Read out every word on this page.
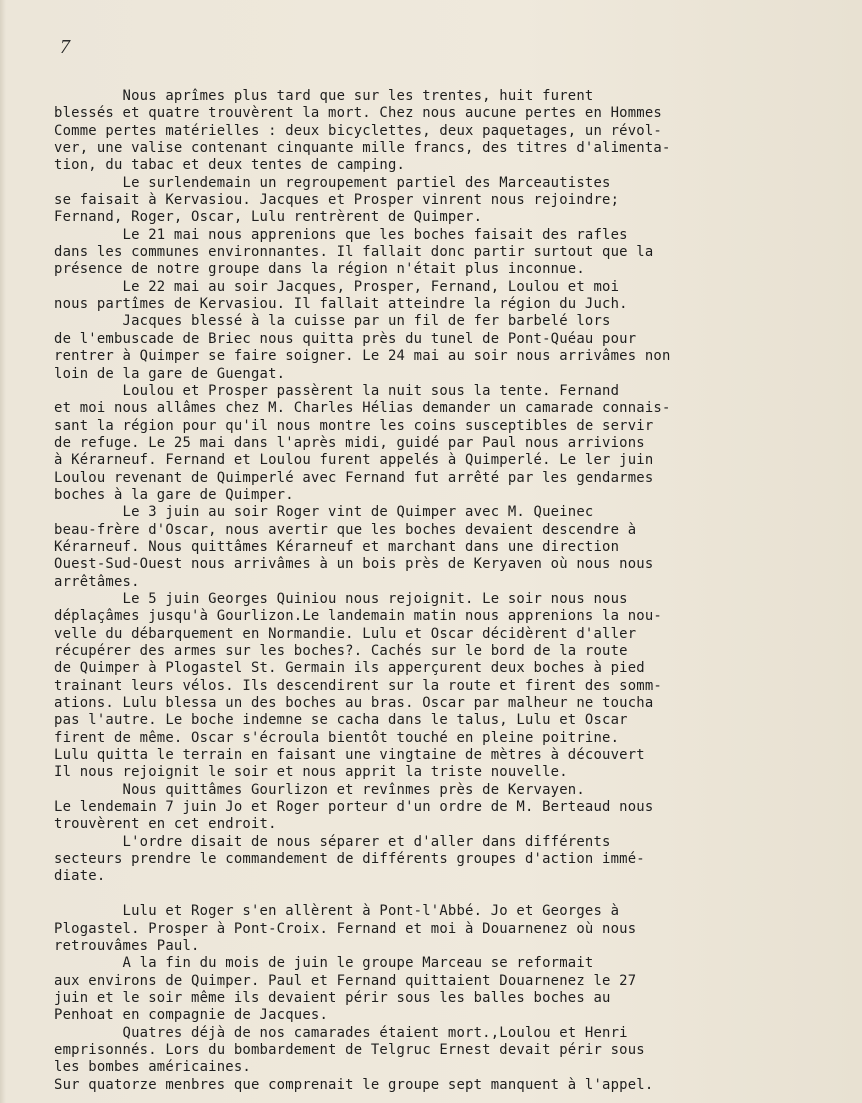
7
Nous aprîmes plus tard que sur les trentes, huit furent
blessés et quatre trouvèrent la mort. Chez nous aucune pertes en Hommes
Comme pertes matérielles : deux bicyclettes, deux paquetages, un révol-
ver, une valise contenant cinquante mille francs, des titres d'alimenta-
tion, du tabac et deux tentes de camping.
Le surlendemain un regroupement partiel des Marceautistes
se faisait à Kervasiou. Jacques et Prosper vinrent nous rejoindre;
Fernand, Roger, Oscar, Lulu rentrèrent de Quimper.
Le 21 mai nous apprenions que les boches faisait des rafles
dans les communes environnantes. Il fallait donc partir surtout que la
présence de notre groupe dans la région n'était plus inconnue.
Le 22 mai au soir Jacques, Prosper, Fernand, Loulou et moi
nous partîmes de Kervasiou. Il fallait atteindre la région du Juch.
Jacques blessé à la cuisse par un fil de fer barbelé lors
de l'embuscade de Briec nous quitta près du tunel de Pont-Quéau pour
rentrer à Quimper se faire soigner. Le 24 mai au soir nous arrivâmes non
loin de la gare de Guengat.
Loulou et Prosper passèrent la nuit sous la tente. Fernand
et moi nous allâmes chez M. Charles Hélias demander un camarade connais-
sant la région pour qu'il nous montre les coins susceptibles de servir
de refuge. Le 25 mai dans l'après midi, guidé par Paul nous arrivions
à Kérarneuf. Fernand et Loulou furent appelés à Quimperlé. Le ler juin
Loulou revenant de Quimperlé avec Fernand fut arrêté par les gendarmes
boches à la gare de Quimper.
Le 3 juin au soir Roger vint de Quimper avec M. Queinec
beau-frère d'Oscar, nous avertir que les boches devaient descendre à
Kérarneuf. Nous quittâmes Kérarneuf et marchant dans une direction
Ouest-Sud-Ouest nous arrivâmes à un bois près de Keryaven où nous nous
arrêtâmes.
Le 5 juin Georges Quiniou nous rejoignit. Le soir nous nous
déplaçâmes jusqu'à Gourlizon.Le landemain matin nous apprenions la nou-
velle du débarquement en Normandie. Lulu et Oscar décidèrent d'aller
récupérer des armes sur les boches?. Cachés sur le bord de la route
de Quimper à Plogastel St. Germain ils apperçurent deux boches à pied
trainant leurs vélos. Ils descendirent sur la route et firent des somm-
ations. Lulu blessa un des boches au bras. Oscar par malheur ne toucha
pas l'autre. Le boche indemne se cacha dans le talus, Lulu et Oscar
firent de même. Oscar s'écroula bientôt touché en pleine poitrine.
Lulu quitta le terrain en faisant une vingtaine de mètres à découvert
Il nous rejoignit le soir et nous apprit la triste nouvelle.
Nous quittâmes Gourlizon et revînmes près de Kervayen.
Le lendemain 7 juin Jo et Roger porteur d'un ordre de M. Berteaud nous
trouvèrent en cet endroit.
L'ordre disait de nous séparer et d'aller dans différents
secteurs prendre le commandement de différents groupes d'action immé-
diate.
Lulu et Roger s'en allèrent à Pont-l'Abbé. Jo et Georges à
Plogastel. Prosper à Pont-Croix. Fernand et moi à Douarnenez où nous
retrouvâmes Paul.
A la fin du mois de juin le groupe Marceau se reformait
aux environs de Quimper. Paul et Fernand quittaient Douarnenez le 27
juin et le soir même ils devaient périr sous les balles boches au
Penhoat en compagnie de Jacques.
Quatres déjà de nos camarades étaient mort.,Loulou et Henri
emprisonnés. Lors du bombardement de Telgruc Ernest devait périr sous
les bombes américaines.
Sur quatorze menbres que comprenait le groupe sept manquent à l'appel.
